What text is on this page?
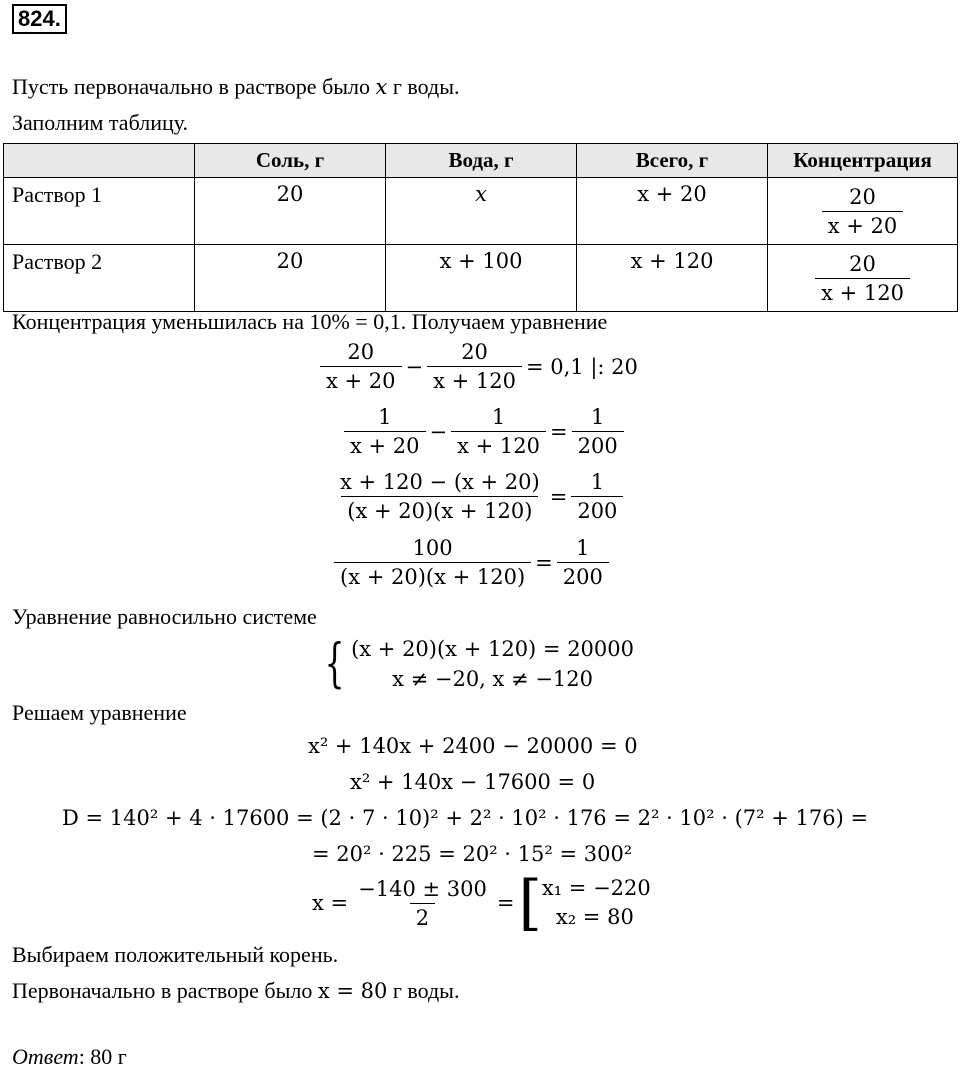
824.
Пусть первоначально в растворе было x г воды.
Заполним таблицу.
	Соль, г	Вода, г	Всего, г	Концентрация
Раствор 1	20	x	x + 20	$\frac{20}{x + 20}$

Раствор 2	20	x + 100	x + 120	$\frac{20}{x + 120}$
Концентрация уменьшилась на 10% = 0,1. Получаем уравнение
$\frac{20}{x + 20} - \frac{20}{x + 120} = 0,1$ |: 20
$\frac{1}{x + 20} - \frac{1}{x + 120} = \frac{1}{200}$
$\frac{x + 120 - (x + 20)}{(x + 20)(x + 120)} = \frac{1}{200}$
$\frac{100}{(x + 20)(x + 120)} = \frac{1}{200}$
Уравнение равносильно системе
{ (x + 20)(x + 120) = 20000
x ≠ −20, x ≠ −120
Решаем уравнение
x² + 140x + 2400 − 20000 = 0
x² + 140x − 17600 = 0
D = 140² + 4 · 17600 = (2 · 7 · 10)² + 2² · 10² · 176 = 2² · 10² · (7² + 176) =
= 20² · 225 = 20² · 15² = 300²
$x = \frac{-140 \pm 300}{2}$ = [ x₁ = −220
x₂ = 80
Выбираем положительный корень.
Первоначально в растворе было x = 80 г воды.
Ответ: 80 г
